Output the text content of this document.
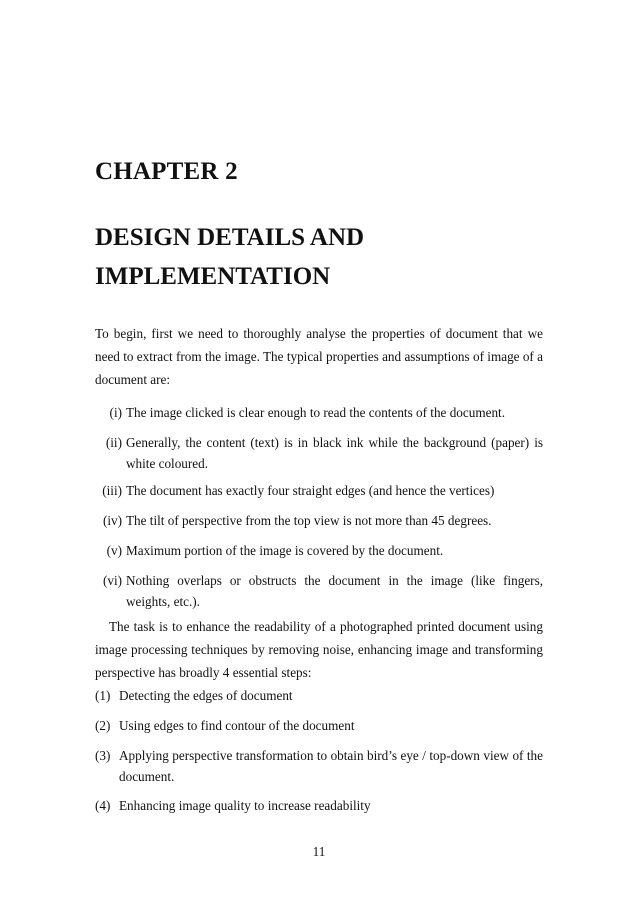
CHAPTER 2
DESIGN DETAILS AND
IMPLEMENTATION

To begin, first we need to thoroughly analyse the properties of document that we need to extract from the image. The typical properties and assumptions of image of a document are:

(i) The image clicked is clear enough to read the contents of the document.
(ii) Generally, the content (text) is in black ink while the background (paper) is white coloured.
(iii) The document has exactly four straight edges (and hence the vertices)
(iv) The tilt of perspective from the top view is not more than 45 degrees.
(v) Maximum portion of the image is covered by the document.
(vi) Nothing overlaps or obstructs the document in the image (like fingers, weights, etc.).

The task is to enhance the readability of a photographed printed document using image processing techniques by removing noise, enhancing image and transforming perspective has broadly 4 essential steps:

(1) Detecting the edges of document
(2) Using edges to find contour of the document
(3) Applying perspective transformation to obtain bird’s eye / top-down view of the document.
(4) Enhancing image quality to increase readability
11
